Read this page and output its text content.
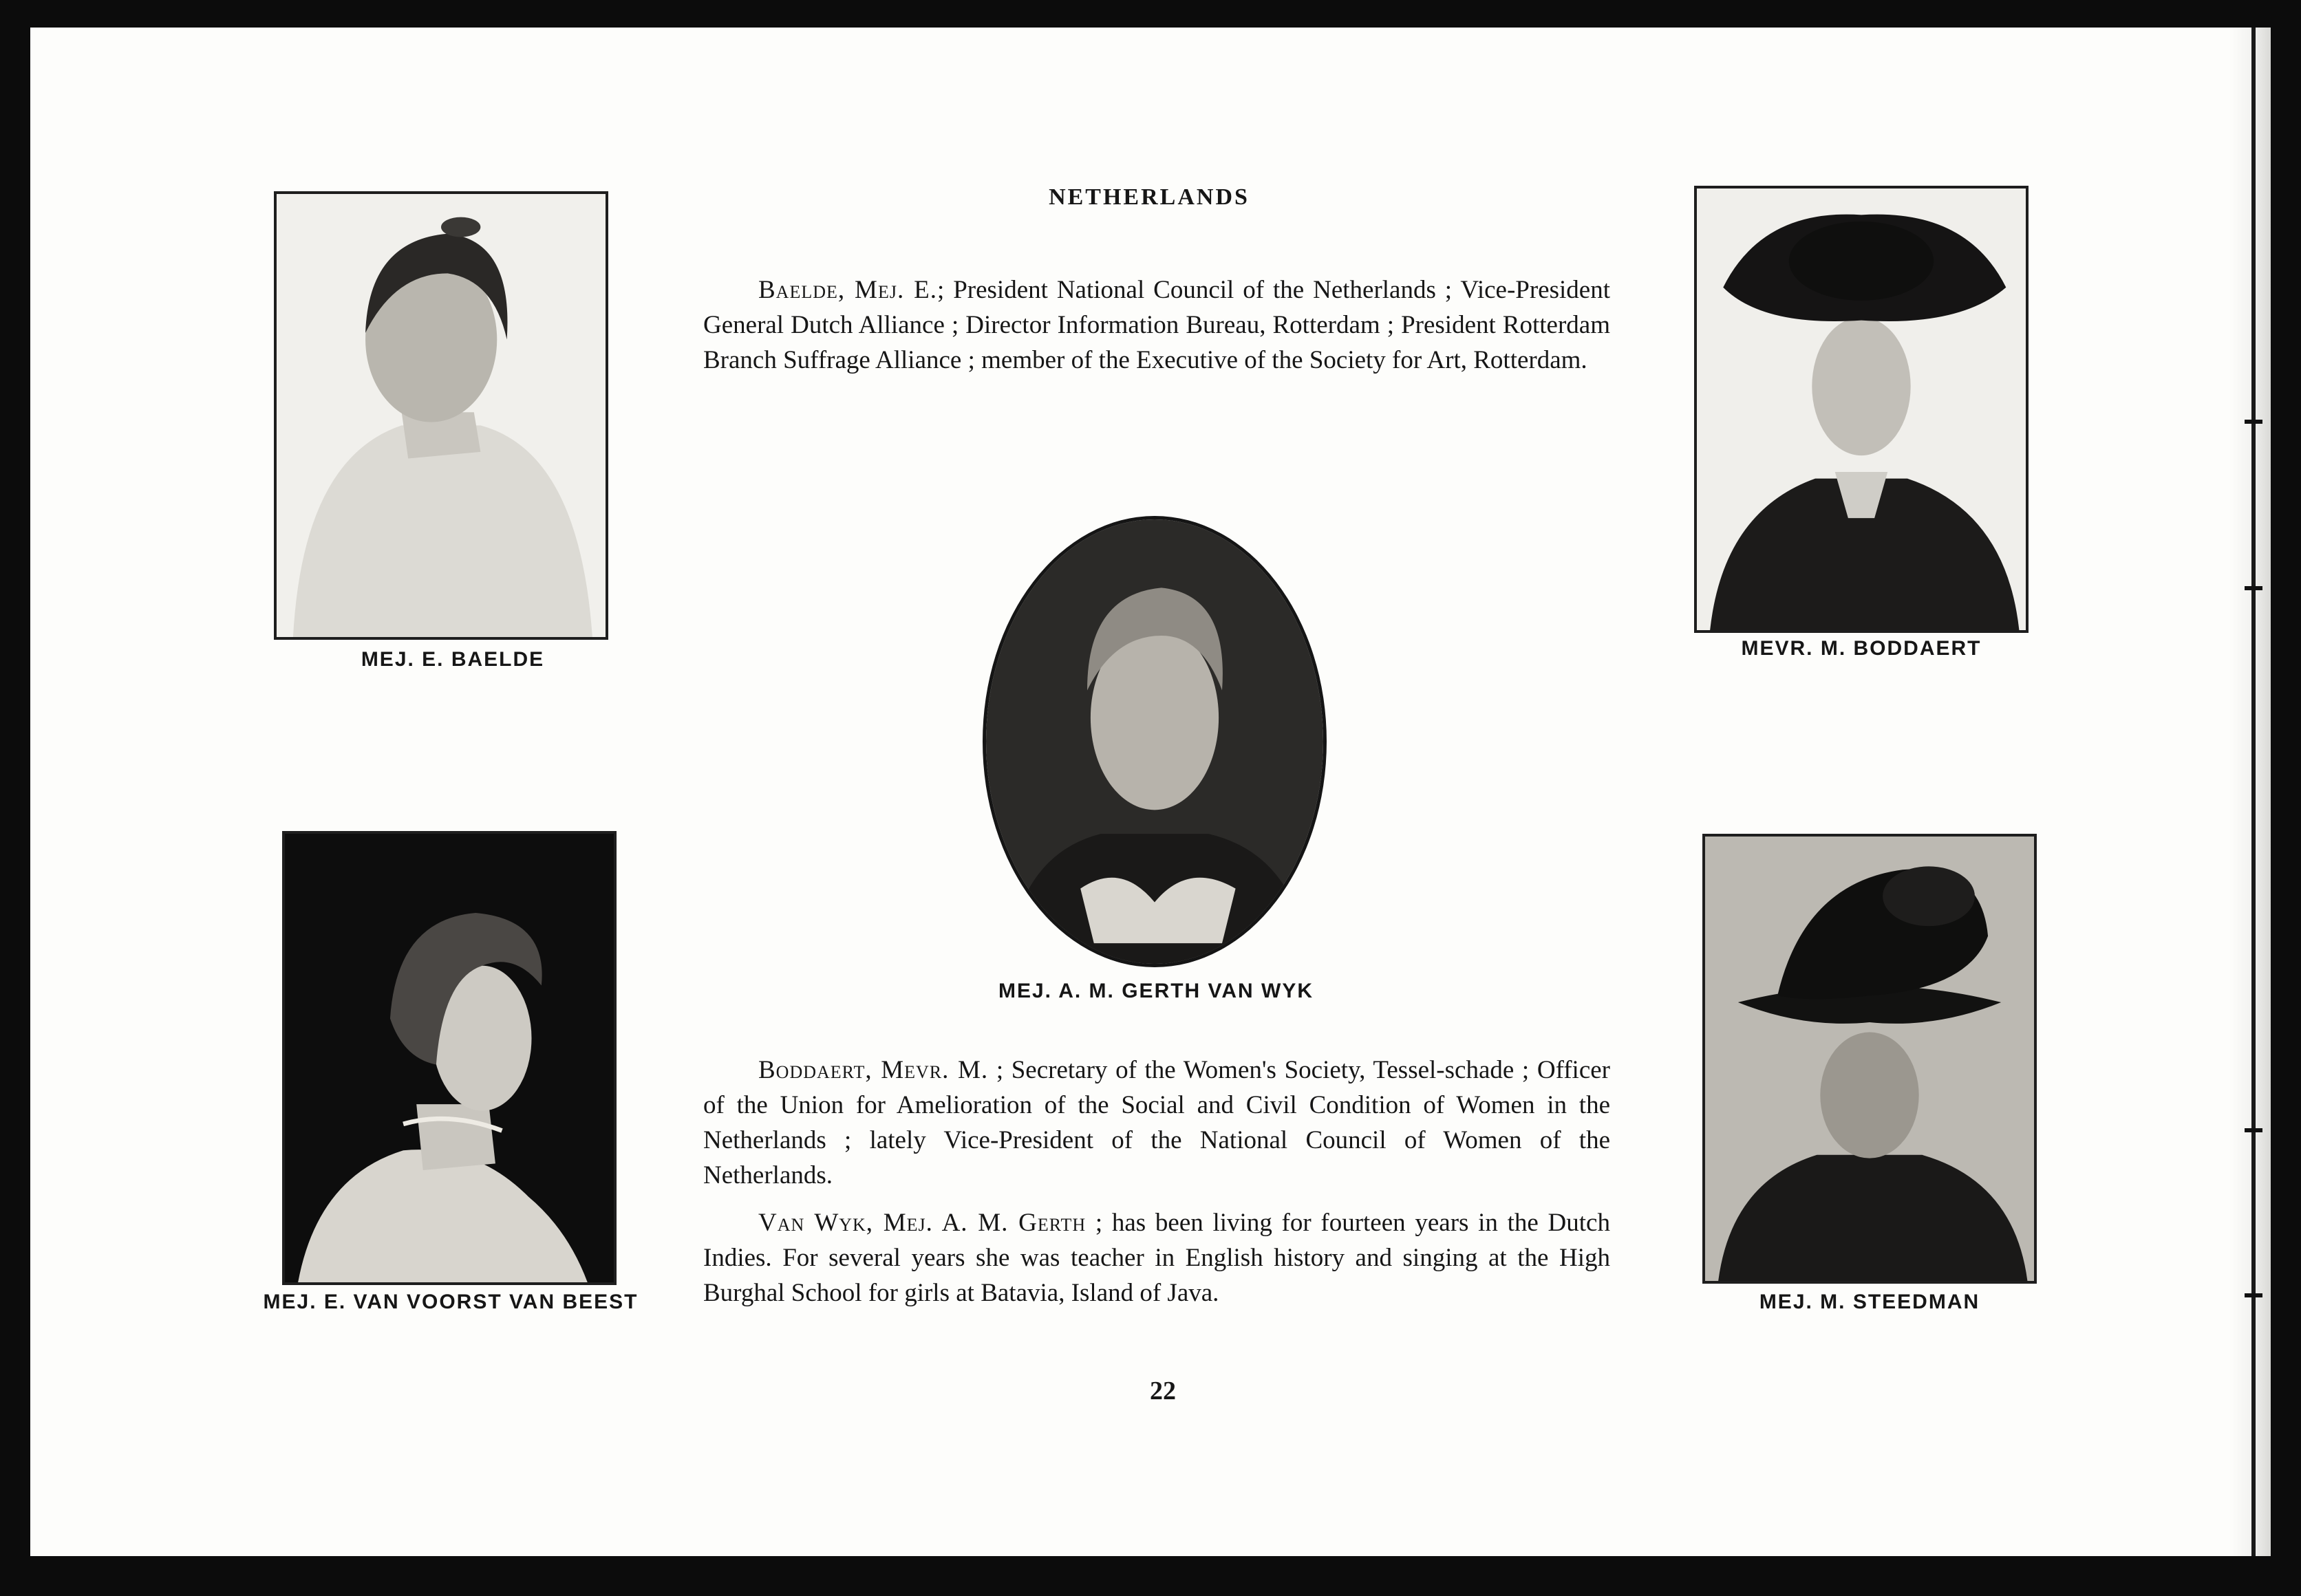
NETHERLANDS

Baelde, Mej. E.; President National Council of the Netherlands ; Vice-President General Dutch Alliance ; Director Information Bureau, Rotterdam ; President Rotterdam Branch Suffrage Alliance ; member of the Executive of the Society for Art, Rotterdam.

MEJ. E. BAELDE	MEVR. M. BODDAERT
MEJ. A. M. GERTH VAN WYK
MEJ. E. VAN VOORST VAN BEEST	MEJ. M. STEEDMAN

Boddaert, Mevr. M. ; Secretary of the Women's Society, Tessel-schade ; Officer of the Union for Amelioration of the Social and Civil Condition of Women in the Netherlands ; lately Vice-President of the National Council of Women of the Netherlands.

Van Wyk, Mej. A. M. Gerth ; has been living for fourteen years in the Dutch Indies. For several years she was teacher in English history and singing at the High Burghal School for girls at Batavia, Island of Java.

22
